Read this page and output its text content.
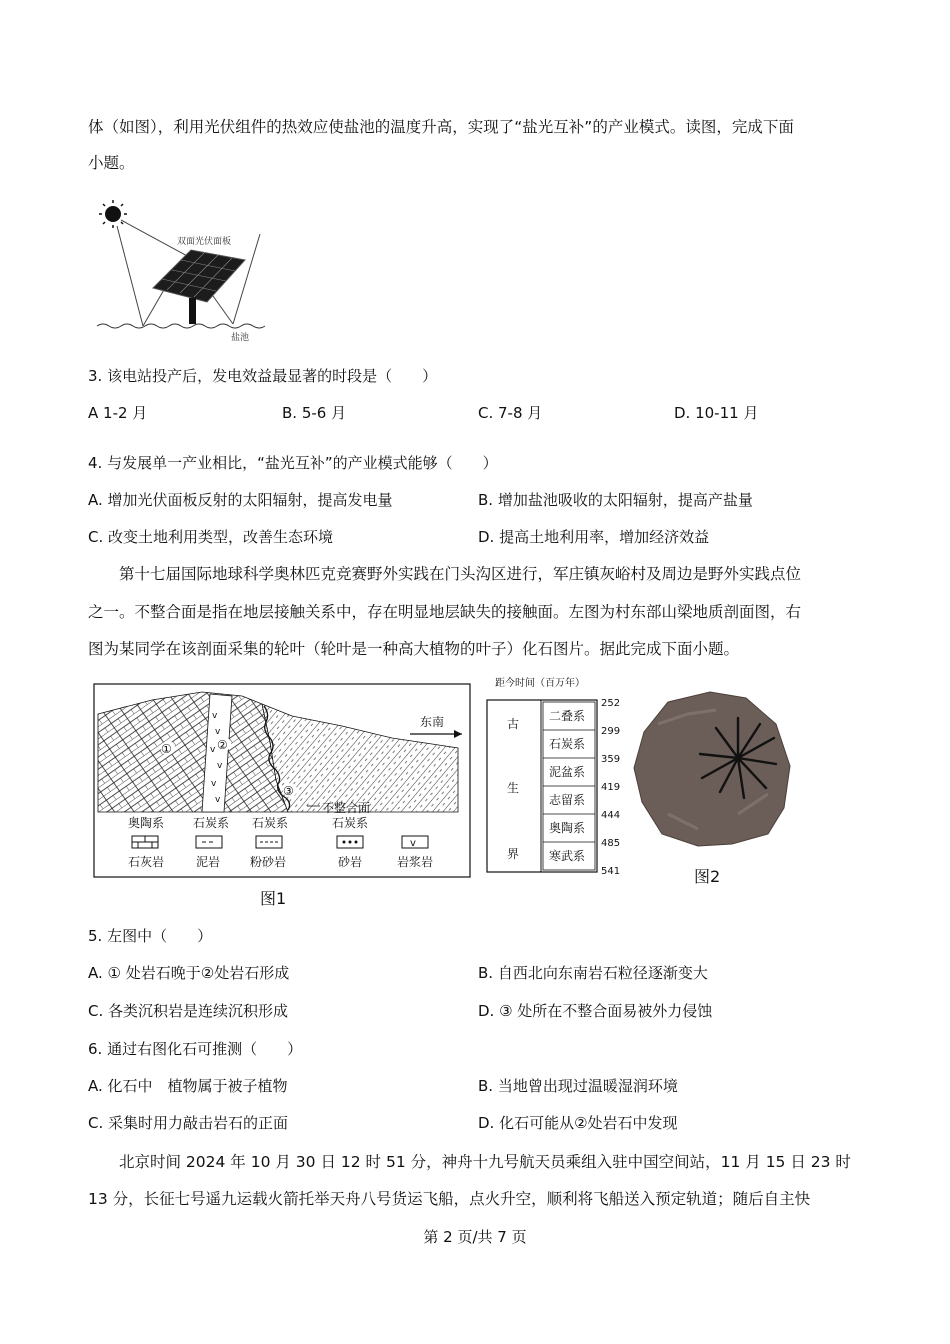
体（如图），利用光伏组件的热效应使盐池的温度升高，实现了“盐光互补”的产业模式。读图，完成下面
小题。
双面光伏面板
盐池
3. 该电站投产后，发电效益最显著的时段是（　　）
A 1-2 月	B. 5-6 月	C. 7-8 月	D. 10-11 月
4. 与发展单一产业相比，“盐光互补”的产业模式能够（　　）
A. 增加光伏面板反射的太阳辐射，提高发电量	B. 增加盐池吸收的太阳辐射，提高产盐量
C. 改变土地利用类型，改善生态环境	D. 提高土地利用率，增加经济效益
第十七届国际地球科学奥林匹克竞赛野外实践在门头沟区进行，军庄镇灰峪村及周边是野外实践点位
之一。不整合面是指在地层接触关系中，存在明显地层缺失的接触面。左图为村东部山梁地质剖面图，右
图为某同学在该剖面采集的轮叶（轮叶是一种高大植物的叶子）化石图片。据此完成下面小题。
v
v
v
v
v
v
③
①	②
不整合面
东南
奥陶系 石炭系 石炭系	石炭系
v
石灰岩	泥岩 粉砂岩	砂岩	岩浆岩
图1
距今时间（百万年）
古
生
界
二叠系
石炭系
泥盆系
志留系
奥陶系
寒武系
252
299
359
419
444
485
541	图2
5. 左图中（　　）
A. ① 处岩石晚于②处岩石形成	B. 自西北向东南岩石粒径逐渐变大
C. 各类沉积岩是连续沉积形成	D. ③ 处所在不整合面易被外力侵蚀
6. 通过右图化石可推测（　　）
A. 化石中　植物属于被子植物	B. 当地曾出现过温暖湿润环境
C. 采集时用力敲击岩石的正面	D. 化石可能从②处岩石中发现
北京时间 2024 年 10 月 30 日 12 时 51 分，神舟十九号航天员乘组入驻中国空间站，11 月 15 日 23 时
13 分，长征七号遥九运载火箭托举天舟八号货运飞船，点火升空，顺利将飞船送入预定轨道；随后自主快
第 2 页/共 7 页
